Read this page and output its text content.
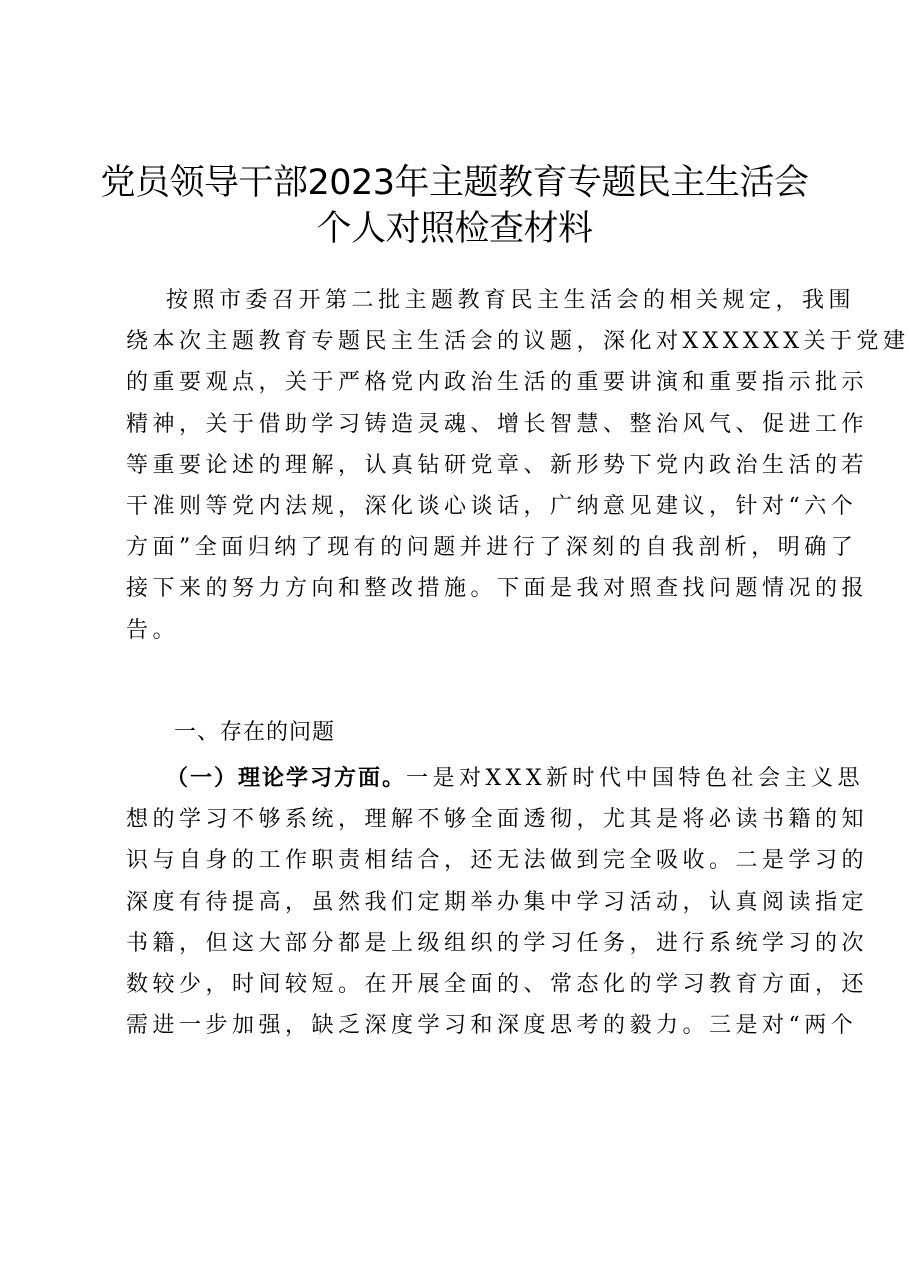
党员领导干部2023年主题教育专题民主生活会
个人对照检查材料
按照市委召开第二批主题教育民主生活会的相关规定，我围
绕本次主题教育专题民主生活会的议题，深化对XXXXXX关于党建
的重要观点，关于严格党内政治生活的重要讲演和重要指示批示
精神，关于借助学习铸造灵魂、增长智慧、整治风气、促进工作
等重要论述的理解，认真钻研党章、新形势下党内政治生活的若
干准则等党内法规，深化谈心谈话，广纳意见建议，针对“六个
方面”全面归纳了现有的问题并进行了深刻的自我剖析，明确了
接下来的努力方向和整改措施。下面是我对照查找问题情况的报
告。
一、存在的问题
（一）理论学习方面。一是对XXX新时代中国特色社会主义思
想的学习不够系统，理解不够全面透彻，尤其是将必读书籍的知
识与自身的工作职责相结合，还无法做到完全吸收。二是学习的
深度有待提高，虽然我们定期举办集中学习活动，认真阅读指定
书籍，但这大部分都是上级组织的学习任务，进行系统学习的次
数较少，时间较短。在开展全面的、常态化的学习教育方面，还
需进一步加强，缺乏深度学习和深度思考的毅力。三是对“两个
